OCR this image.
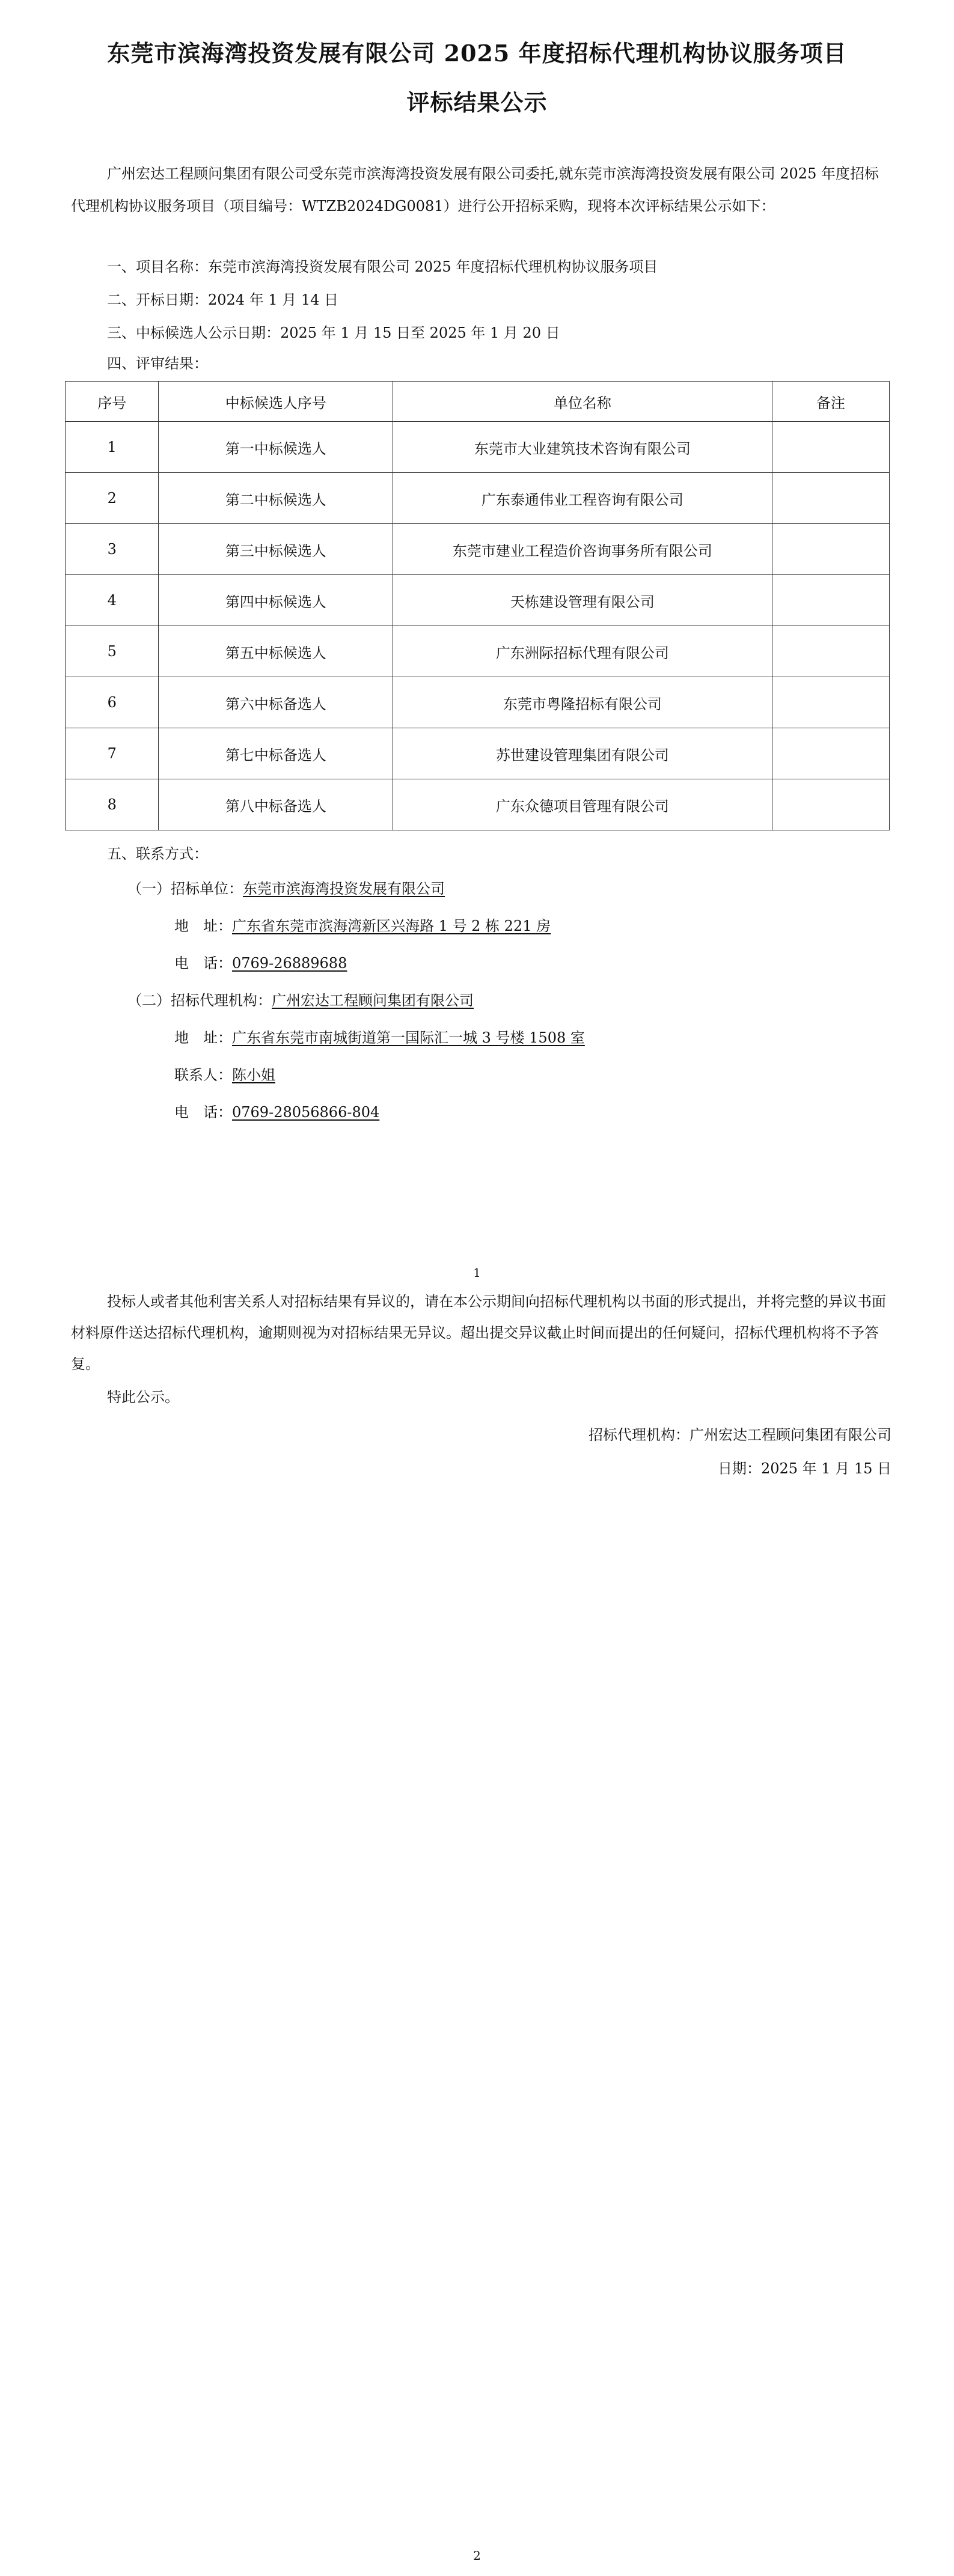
东莞市滨海湾投资发展有限公司 2025 年度招标代理机构协议服务项目
评标结果公示
广州宏达工程顾问集团有限公司受东莞市滨海湾投资发展有限公司委托,就东莞市滨海湾投资发展有限公司 2025 年度招标代理机构协议服务项目（项目编号：WTZB2024DG0081）进行公开招标采购，现将本次评标结果公示如下：
一、项目名称：东莞市滨海湾投资发展有限公司 2025 年度招标代理机构协议服务项目
二、开标日期：2024 年 1 月 14 日
三、中标候选人公示日期：2025 年 1 月 15 日至 2025 年 1 月 20 日
四、评审结果：
序号	中标候选人序号	单位名称	备注
1	第一中标候选人	东莞市大业建筑技术咨询有限公司	
2	第二中标候选人	广东泰通伟业工程咨询有限公司	
3	第三中标候选人	东莞市建业工程造价咨询事务所有限公司	
4	第四中标候选人	天栋建设管理有限公司	
5	第五中标候选人	广东洲际招标代理有限公司	
6	第六中标备选人	东莞市粤隆招标有限公司	
7	第七中标备选人	苏世建设管理集团有限公司	
8	第八中标备选人	广东众德项目管理有限公司	
五、联系方式：
（一）招标单位：东莞市滨海湾投资发展有限公司
地　址：广东省东莞市滨海湾新区兴海路 1 号 2 栋 221 房
电　话：0769-26889688
（二）招标代理机构：广州宏达工程顾问集团有限公司
地　址：广东省东莞市南城街道第一国际汇一城 3 号楼 1508 室
联系人：陈小姐
电　话：0769-28056866-804
1
投标人或者其他利害关系人对招标结果有异议的，请在本公示期间向招标代理机构以书面的形式提出，并将完整的异议书面材料原件送达招标代理机构，逾期则视为对招标结果无异议。超出提交异议截止时间而提出的任何疑问，招标代理机构将不予答复。
特此公示。
招标代理机构：广州宏达工程顾问集团有限公司
日期：2025 年 1 月 15 日
2
